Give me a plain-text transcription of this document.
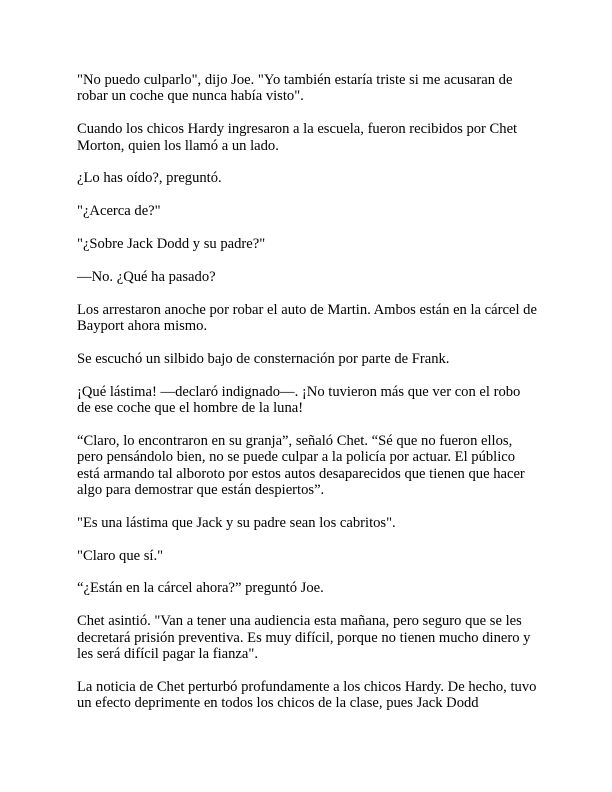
"No puedo culparlo", dijo Joe. "Yo también estaría triste si me acusaran de robar un coche que nunca había visto".

Cuando los chicos Hardy ingresaron a la escuela, fueron recibidos por Chet Morton, quien los llamó a un lado.

¿Lo has oído?, preguntó.

"¿Acerca de?"

"¿Sobre Jack Dodd y su padre?"

—No. ¿Qué ha pasado?

Los arrestaron anoche por robar el auto de Martin. Ambos están en la cárcel de Bayport ahora mismo.

Se escuchó un silbido bajo de consternación por parte de Frank.

¡Qué lástima! —declaró indignado—. ¡No tuvieron más que ver con el robo de ese coche que el hombre de la luna!

“Claro, lo encontraron en su granja”, señaló Chet. “Sé que no fueron ellos, pero pensándolo bien, no se puede culpar a la policía por actuar. El público está armando tal alboroto por estos autos desaparecidos que tienen que hacer algo para demostrar que están despiertos”.

"Es una lástima que Jack y su padre sean los cabritos".

"Claro que sí."

“¿Están en la cárcel ahora?” preguntó Joe.

Chet asintió. "Van a tener una audiencia esta mañana, pero seguro que se les decretará prisión preventiva. Es muy difícil, porque no tienen mucho dinero y les será difícil pagar la fianza".

La noticia de Chet perturbó profundamente a los chicos Hardy. De hecho, tuvo un efecto deprimente en todos los chicos de la clase, pues Jack Dodd
